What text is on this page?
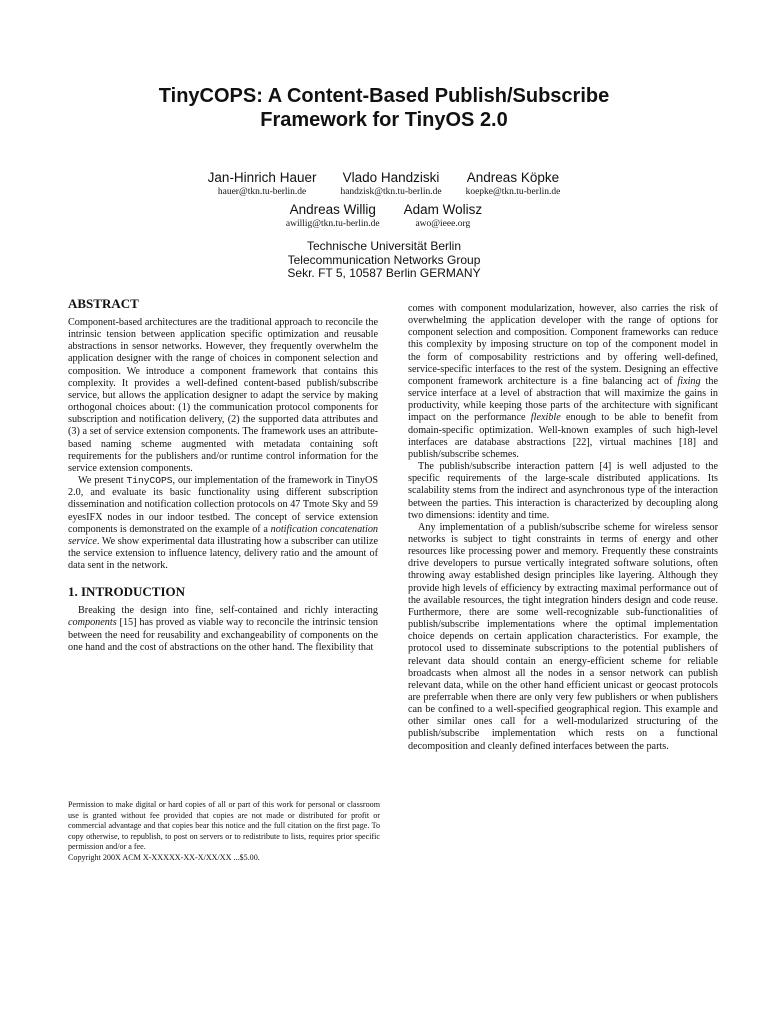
TinyCOPS: A Content-Based Publish/Subscribe
Framework for TinyOS 2.0
Jan-Hinrich Hauer
hauer@tkn.tu-berlin.de
Vlado Handziski
handzisk@tkn.tu-berlin.de
Andreas Köpke
koepke@tkn.tu-berlin.de
Andreas Willig
awillig@tkn.tu-berlin.de
Adam Wolisz
awo@ieee.org
Technische Universität Berlin
Telecommunication Networks Group
Sekr. FT 5, 10587 Berlin GERMANY
ABSTRACT

Component-based architectures are the traditional approach to reconcile the intrinsic tension between application specific optimization and reusable abstractions in sensor networks. However, they frequently overwhelm the application designer with the range of choices in component selection and composition. We introduce a component framework that contains this complexity. It provides a well-defined content-based publish/subscribe service, but allows the application designer to adapt the service by making orthogonal choices about: (1) the communication protocol components for subscription and notification delivery, (2) the supported data attributes and (3) a set of service extension components. The framework uses an attribute-based naming scheme augmented with metadata containing soft requirements for the publishers and/or runtime control information for the service extension components.

We present TinyCOPS, our implementation of the framework in TinyOS 2.0, and evaluate its basic functionality using different subscription dissemination and notification collection protocols on 47 Tmote Sky and 59 eyesIFX nodes in our indoor testbed. The concept of service extension components is demonstrated on the example of a notification concatenation service. We show experimental data illustrating how a subscriber can utilize the service extension to influence latency, delivery ratio and the amount of data sent in the network.

1. INTRODUCTION

Breaking the design into fine, self-contained and richly interacting components [15] has proved as viable way to reconcile the intrinsic tension between the need for reusability and exchangeability of components on the one hand and the cost of abstractions on the other hand. The flexibility that

Permission to make digital or hard copies of all or part of this work for personal or classroom use is granted without fee provided that copies are not made or distributed for profit or commercial advantage and that copies bear this notice and the full citation on the first page. To copy otherwise, to republish, to post on servers or to redistribute to lists, requires prior specific permission and/or a fee.
Copyright 200X ACM X-XXXXX-XX-X/XX/XX ...$5.00.

comes with component modularization, however, also carries the risk of overwhelming the application developer with the range of options for component selection and composition. Component frameworks can reduce this complexity by imposing structure on top of the component model in the form of composability restrictions and by offering well-defined, service-specific interfaces to the rest of the system. Designing an effective component framework architecture is a fine balancing act of fixing the service interface at a level of abstraction that will maximize the gains in productivity, while keeping those parts of the architecture with significant impact on the performance flexible enough to be able to benefit from domain-specific optimization. Well-known examples of such high-level interfaces are database abstractions [22], virtual machines [18] and publish/subscribe schemes.

The publish/subscribe interaction pattern [4] is well adjusted to the specific requirements of the large-scale distributed applications. Its scalability stems from the indirect and asynchronous type of the interaction between the parties. This interaction is characterized by decoupling along two dimensions: identity and time.

Any implementation of a publish/subscribe scheme for wireless sensor networks is subject to tight constraints in terms of energy and other resources like processing power and memory. Frequently these constraints drive developers to pursue vertically integrated software solutions, often throwing away established design principles like layering. Although they provide high levels of efficiency by extracting maximal performance out of the available resources, the tight integration hinders design and code reuse. Furthermore, there are some well-recognizable sub-functionalities of publish/subscribe implementations where the optimal implementation choice depends on certain application characteristics. For example, the protocol used to disseminate subscriptions to the potential publishers of relevant data should contain an energy-efficient scheme for reliable broadcasts when almost all the nodes in a sensor network can publish relevant data, while on the other hand efficient unicast or geocast protocols are preferrable when there are only very few publishers or when publishers can be confined to a well-specified geographical region. This example and other similar ones call for a well-modularized structuring of the publish/subscribe implementation which rests on a functional decomposition and cleanly defined interfaces between the parts.
